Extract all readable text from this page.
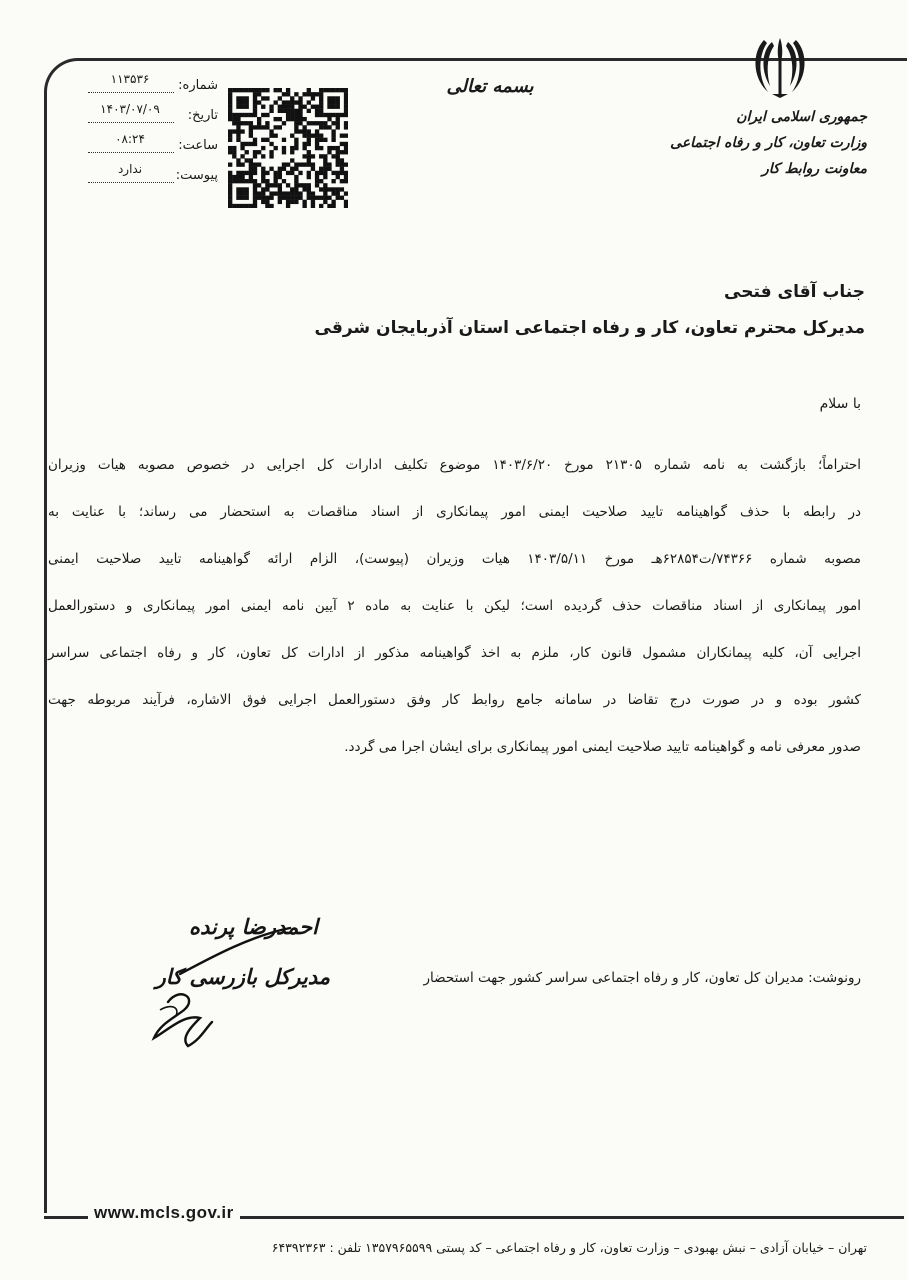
جمهوری اسلامی ایران
وزارت تعاون، کار و رفاه اجتماعی
معاونت روابط کار
بسمه تعالی
شماره:
۱۱۳۵۳۶
تاریخ:
۱۴۰۳/۰۷/۰۹
ساعت:
۰۸:۲۴
پیوست:
ندارد
جناب آقای فتحی
مدیرکل محترم تعاون، کار و رفاه اجتماعی استان آذربایجان شرقی
با سلام
احتراماً؛ بازگشت به نامه شماره ۲۱۳۰۵ مورخ ۱۴۰۳/۶/۲۰ موضوع تکلیف ادارات کل اجرایی در خصوص مصوبه هیات وزیران
در رابطه با حذف گواهینامه تایید صلاحیت ایمنی امور پیمانکاری از اسناد مناقصات به استحضار می رساند؛ با عنایت به
مصوبه شماره ۷۴۳۶۶/ت۶۲۸۵۴هـ مورخ ۱۴۰۳/۵/۱۱ هیات وزیران (پیوست)، الزام ارائه گواهینامه تایید صلاحیت ایمنی
امور پیمانکاری از اسناد مناقصات حذف گردیده است؛ لیکن با عنایت به ماده ۲ آیین نامه ایمنی امور پیمانکاری و دستورالعمل
اجرایی آن، کلیه پیمانکاران مشمول قانون کار، ملزم به اخذ گواهینامه مذکور از ادارات کل تعاون، کار و رفاه اجتماعی سراسر
کشور بوده و در صورت درج تقاضا در سامانه جامع روابط کار وفق دستورالعمل اجرایی فوق الاشاره، فرآیند مربوطه جهت
صدور معرفی نامه و گواهینامه تایید صلاحیت ایمنی امور پیمانکاری برای ایشان اجرا می گردد.
احمدرضا پرنده
مدیرکل بازرسی کار	رونوشت: مدیران کل تعاون، کار و رفاه اجتماعی سراسر کشور جهت استحضار
www.mcls.gov.ir
تهران – خیابان آزادی – نبش بهبودی – وزارت تعاون، کار و رفاه اجتماعی – کد پستی ۱۳۵۷۹۶۵۵۹۹ تلفن : ۶۴۳۹۲۳۶۳
